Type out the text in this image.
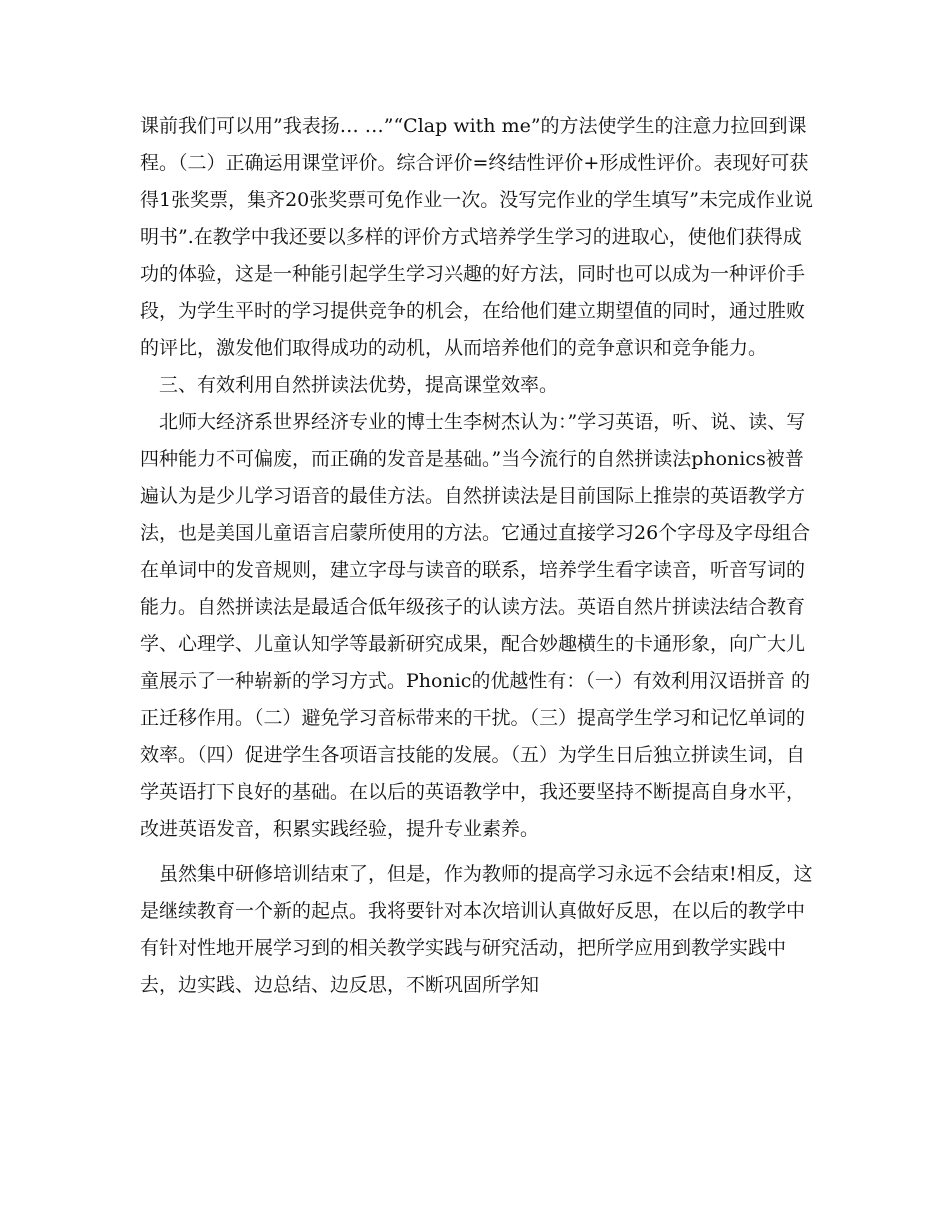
课前我们可以用”我表扬… …”“Clap with me”的方法使学生的注意力拉回到课程。（二）正确运用课堂评价。综合评价=终结性评价+形成性评价。表现好可获得1张奖票，集齐20张奖票可免作业一次。没写完作业的学生填写”未完成作业说明书”.在教学中我还要以多样的评价方式培养学生学习的进取心，使他们获得成功的体验，这是一种能引起学生学习兴趣的好方法，同时也可以成为一种评价手段，为学生平时的学习提供竞争的机会，在给他们建立期望值的同时，通过胜败的评比，激发他们取得成功的动机，从而培养他们的竞争意识和竞争能力。

三、有效利用自然拼读法优势，提高课堂效率。

北师大经济系世界经济专业的博士生李树杰认为：”学习英语，听、说、读、写四种能力不可偏废，而正确的发音是基础。”当今流行的自然拼读法phonics被普遍认为是少儿学习语音的最佳方法。自然拼读法是目前国际上推崇的英语教学方法，也是美国儿童语言启蒙所使用的方法。它通过直接学习26个字母及字母组合在单词中的发音规则，建立字母与读音的联系，培养学生看字读音，听音写词的能力。自然拼读法是最适合低年级孩子的认读方法。英语自然片拼读法结合教育学、心理学、儿童认知学等最新研究成果，配合妙趣横生的卡通形象，向广大儿童展示了一种崭新的学习方式。Phonic的优越性有：（一）有效利用汉语拼音 的正迁移作用。（二）避免学习音标带来的干扰。（三）提高学生学习和记忆单词的效率。（四）促进学生各项语言技能的发展。（五）为学生日后独立拼读生词，自学英语打下良好的基础。在以后的英语教学中，我还要坚持不断提高自身水平，改进英语发音，积累实践经验，提升专业素养。

虽然集中研修培训结束了，但是，作为教师的提高学习永远不会结束!相反，这是继续教育一个新的起点。我将要针对本次培训认真做好反思，在以后的教学中有针对性地开展学习到的相关教学实践与研究活动，把所学应用到教学实践中去，边实践、边总结、边反思，不断巩固所学知
